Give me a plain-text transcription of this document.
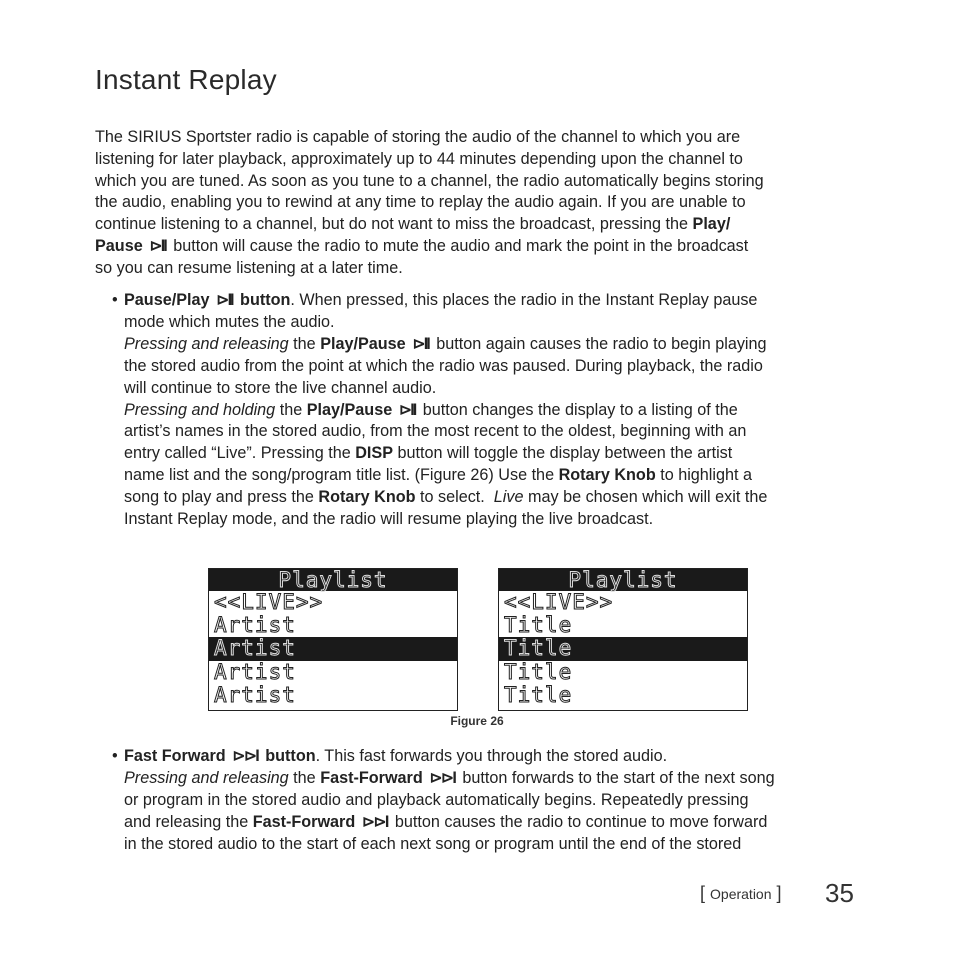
Instant Replay
The SIRIUS Sportster radio is capable of storing the audio of the channel to which you are
listening for later playback, approximately up to 44 minutes depending upon the channel to
which you are tuned. As soon as you tune to a channel, the radio automatically begins storing
the audio, enabling you to rewind at any time to replay the audio again. If you are unable to
continue listening to a channel, but do not want to miss the broadcast, pressing the Play/
Pause ⊳II button will cause the radio to mute the audio and mark the point in the broadcast
so you can resume listening at a later time.
• Pause/Play ⊳II button. When pressed, this places the radio in the Instant Replay pause
mode which mutes the audio.
Pressing and releasing the Play/Pause ⊳II button again causes the radio to begin playing
the stored audio from the point at which the radio was paused. During playback, the radio
will continue to store the live channel audio.
Pressing and holding the Play/Pause ⊳II button changes the display to a listing of the
artist’s names in the stored audio, from the most recent to the oldest, beginning with an
entry called “Live”. Pressing the DISP button will toggle the display between the artist
name list and the song/program title list. (Figure 26) Use the Rotary Knob to highlight a
song to play and press the Rotary Knob to select.  Live may be chosen which will exit the
Instant Replay mode, and the radio will resume playing the live broadcast.
Playlist
<<LIVE>>
Artist
Artist
Artist
Artist
Playlist
<<LIVE>>
Title
Title
Title
Title
Figure 26
• Fast Forward ⊳⊳I button. This fast forwards you through the stored audio.
Pressing and releasing the Fast-Forward ⊳⊳I button forwards to the start of the next song
or program in the stored audio and playback automatically begins. Repeatedly pressing
and releasing the Fast-Forward ⊳⊳I button causes the radio to continue to move forward
in the stored audio to the start of each next song or program until the end of the stored
[ Operation ] 35
